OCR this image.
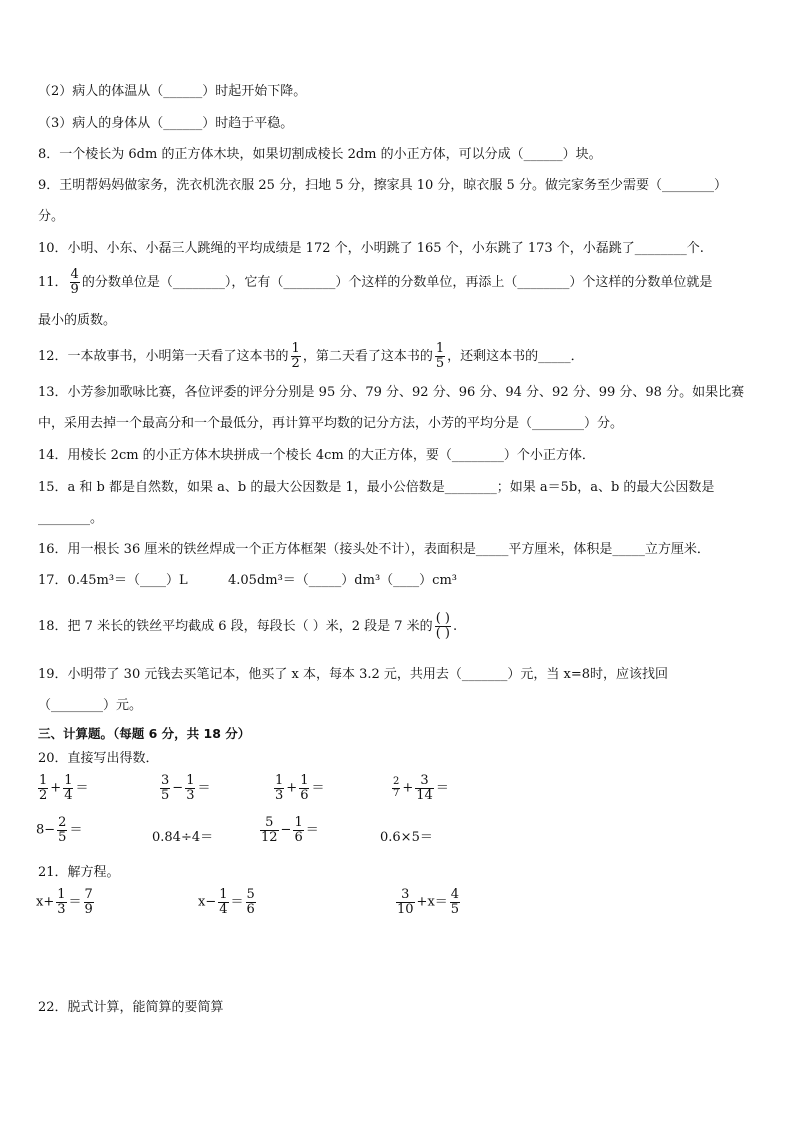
（2）病人的体温从（______）时起开始下降。
（3）病人的身体从（______）时趋于平稳。
8．一个棱长为 6dm 的正方体木块，如果切割成棱长 2dm 的小正方体，可以分成（______）块。
9．王明帮妈妈做家务，洗衣机洗衣服 25 分，扫地 5 分，擦家具 10 分，晾衣服 5 分。做完家务至少需要（________）
分。
10．小明、小东、小磊三人跳绳的平均成绩是 172 个，小明跳了 165 个，小东跳了 173 个，小磊跳了________个.
11． $\frac{4}{9}$ 的分数单位是（________），它有（________）个这样的分数单位，再添上（________）个这样的分数单位就是
最小的质数。
12．一本故事书，小明第一天看了这本书的 $\frac{1}{2}$ ，第二天看了这本书的 $\frac{1}{5}$ ，还剩这本书的_____．
13．小芳参加歌咏比赛，各位评委的评分分别是 95 分、79 分、92 分、96 分、94 分、92 分、99 分、98 分。如果比赛
中，采用去掉一个最高分和一个最低分，再计算平均数的记分方法，小芳的平均分是（________）分。
14．用棱长 2cm 的小正方体木块拼成一个棱长 4cm 的大正方体，要（________）个小正方体．
15．a 和 b 都是自然数，如果 a、b 的最大公因数是 1，最小公倍数是________；如果 a＝5b，a、b 的最大公因数是
________。
16．用一根长 36 厘米的铁丝焊成一个正方体框架（接头处不计），表面积是_____平方厘米，体积是_____立方厘米．
17．0.45m³＝（____）L	4.05dm³＝（_____）dm³（____）cm³
18．把 7 米长的铁丝平均截成 6 段，每段长（ ）米，2 段是 7 米的
( )
( ) .
19．小明带了 30 元钱去买笔记本，他买了 x 本，每本 3.2 元，共用去（_______）元，当 x=8时，应该找回
（________）元。
三、计算题。（每题 6 分，共 18 分）
20．直接写出得数．
$\frac{1}{2} + \frac{1}{4}$ ＝	$\frac{3}{5} - \frac{1}{3}$ ＝	$\frac{1}{3} + \frac{1}{6}$ ＝	$\frac{2}{7} + \frac{3}{14}$ ＝
$8- \frac{2}{5}$ ＝	0.84÷4＝	$\frac{5}{12} - \frac{1}{6}$ ＝	0.6×5＝
21．解方程。
$x+ \frac{1}{3} = \frac{7}{9}$	$x- \frac{1}{4} = \frac{5}{6}$	$\frac{3}{10} +x= \frac{4}{5}$
22．脱式计算，能简算的要简算
